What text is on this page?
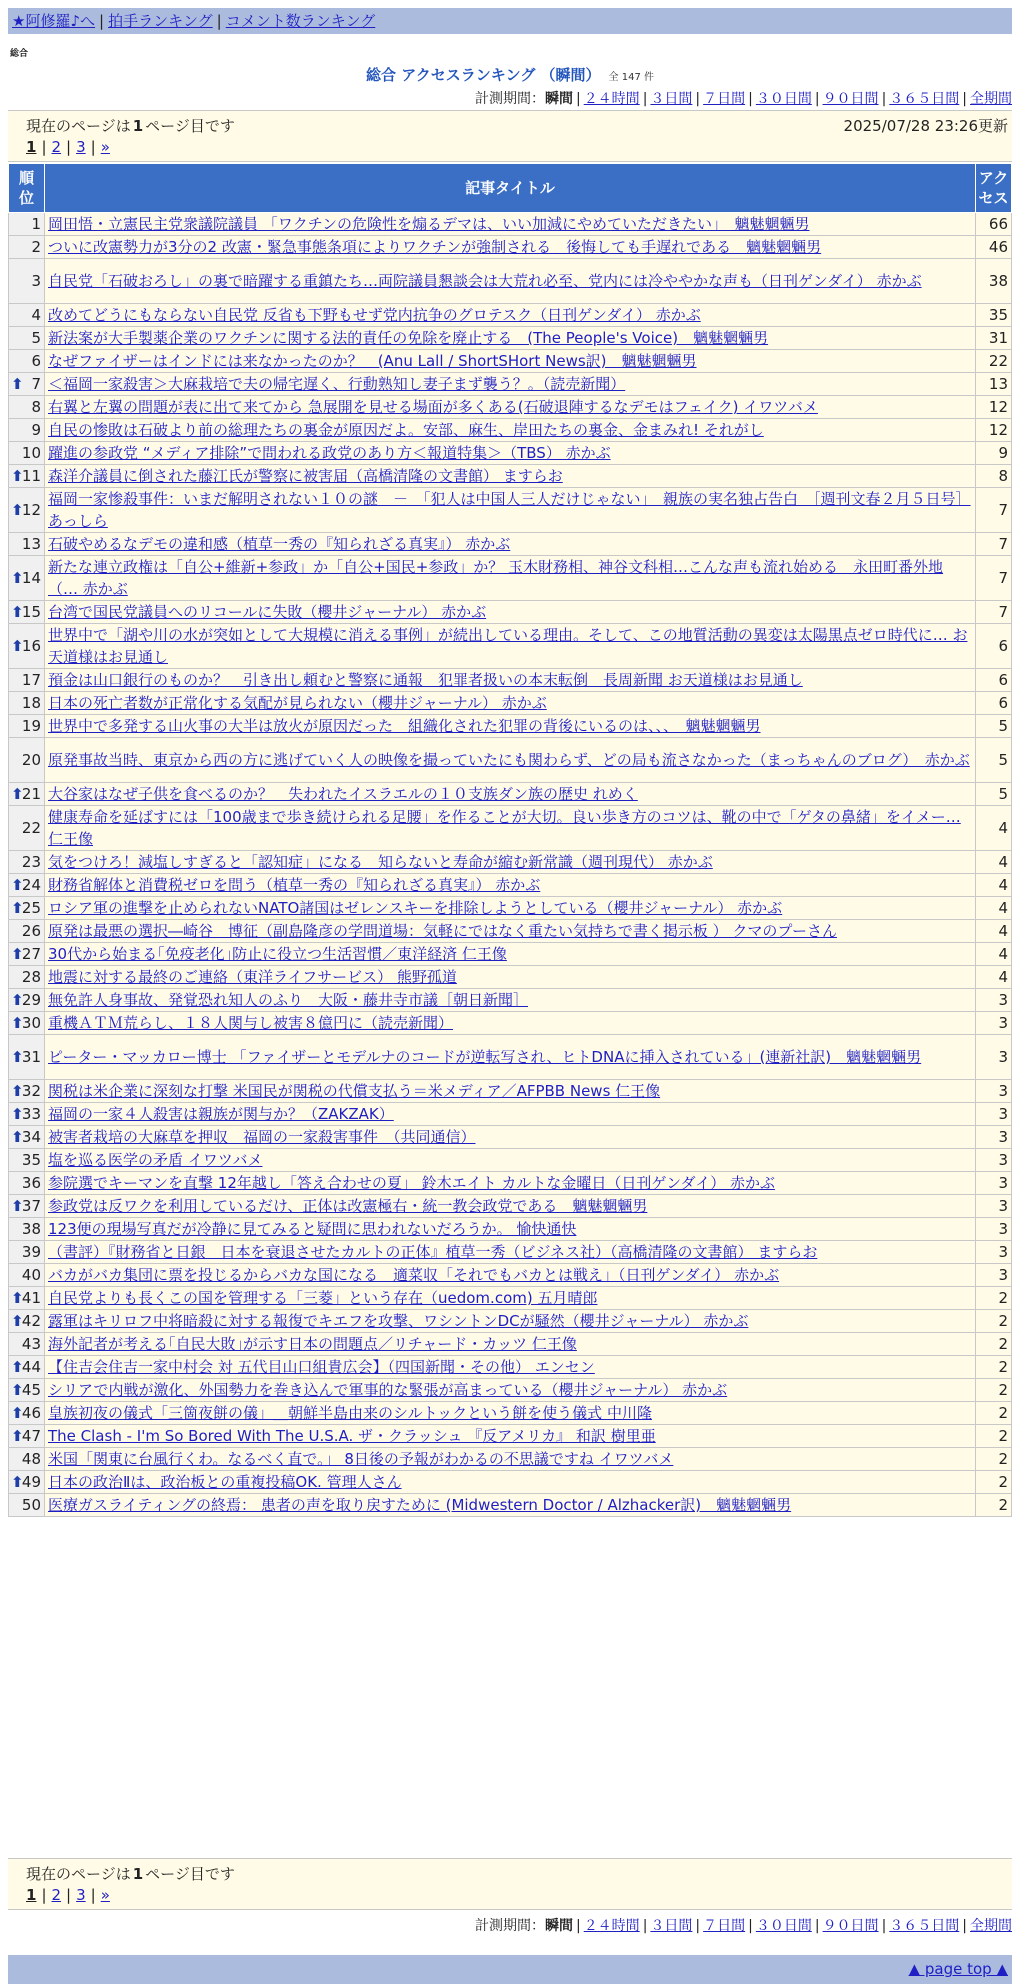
★阿修羅♪へ | 拍手ランキング | コメント数ランキング
総合
総合 アクセスランキング （瞬間） 全 147 件
計測期間：瞬間 | ２４時間 | ３日間 | ７日間 | ３０日間 | ９０日間 | ３６５日間 | 全期間
現在のページは 1 ページ目です	2025/07/28 23:26更新
1 | 2 | 3 | »
順位	記事タイトル	アクセス
1	岡田悟・立憲民主党衆議院議員 「ワクチンの危険性を煽るデマは、いい加減にやめていただきたい」　魑魅魍魎男	66
2	ついに改憲勢力が3分の2 改憲・緊急事態条項によりワクチンが強制される　後悔しても手遅れである　魑魅魍魎男	46
3	自民党「石破おろし」の裏で暗躍する重鎮たち…両院議員懇談会は大荒れ必至、党内には冷ややかな声も（日刊ゲンダイ） 赤かぶ	38
4	改めてどうにもならない自民党 反省も下野もせず党内抗争のグロテスク（日刊ゲンダイ） 赤かぶ	35
5	新法案が大手製薬企業のワクチンに関する法的責任の免除を廃止する　(The People's Voice)　魑魅魍魎男	31
6	なぜファイザーはインドには来なかったのか？　(Anu Lall / ShortSHort News訳)　魑魅魍魎男	22

⬆ 7	＜福岡一家殺害＞大麻栽培で夫の帰宅遅く、行動熟知し妻子まず襲う？。（読売新聞）	13
8	右翼と左翼の問題が表に出て来てから 急展開を見せる場面が多くある(石破退陣するなデモはフェイク) イワツバメ	12
9	自民の惨敗は石破より前の総理たちの裏金が原因だよ。安部、麻生、岸田たちの裏金、金まみれ! それがし	12
10	躍進の参政党 “メディア排除”で問われる政党のあり方＜報道特集＞（TBS） 赤かぶ	9

⬆
11	森洋介議員に倒された藤江氏が警察に被害届（高橋清隆の文書館） ますらお	8

⬆
12	福岡一家惨殺事件：いまだ解明されない１０の謎　－　「犯人は中国人三人だけじゃない」　親族の実名独占告白　［週刊文春２月５日号］ あっしら	7
13	石破やめるなデモの違和感（植草一秀の『知られざる真実』） 赤かぶ	7

⬆
14	新たな連立政権は「自公+維新+参政」か「自公+国民+参政」か？ 玉木財務相、神谷文科相…こんな声も流れ始める　永田町番外地（… 赤かぶ	7

⬆
15	台湾で国民党議員へのリコールに失敗（櫻井ジャーナル） 赤かぶ	7

⬆
16	世界中で「湖や川の水が突如として大規模に消える事例」が続出している理由。そして、この地質活動の異変は太陽黒点ゼロ時代に… お天道様はお見通し	6
17	預金は山口銀行のものか？　引き出し頼むと警察に通報　犯罪者扱いの本末転倒　長周新聞 お天道様はお見通し	6
18	日本の死亡者数が正常化する気配が見られない（櫻井ジャーナル） 赤かぶ	6
19	世界中で多発する山火事の大半は放火が原因だった　組織化された犯罪の背後にいるのは、、、　魑魅魍魎男	5
20	原発事故当時、東京から西の方に逃げていく人の映像を撮っていたにも関わらず、どの局も流さなかった（まっちゃんのブログ）　赤かぶ	5

⬆
21	大谷家はなぜ子供を食べるのか？　失われたイスラエルの１０支族ダン族の歴史 れめく	5
22	健康寿命を延ばすには「100歳まで歩き続けられる足腰」を作ることが大切。良い歩き方のコツは、靴の中で「ゲタの鼻緒」をイメー… 仁王像	4
23	気をつけろ！減塩しすぎると「認知症」になる　知らないと寿命が縮む新常識（週刊現代） 赤かぶ	4

⬆
24	財務省解体と消費税ゼロを問う（植草一秀の『知られざる真実』） 赤かぶ	4

⬆
25	ロシア軍の進撃を止められないNATO諸国はゼレンスキーを排除しようとしている（櫻井ジャーナル） 赤かぶ	4
26	原発は最悪の選択―崎谷　博征（副島隆彦の学問道場：気軽にではなく重たい気持ちで書く掲示板 ） クマのプーさん	4

⬆
27	30代から始まる｢免疫老化｣防止に役立つ生活習慣／東洋経済 仁王像	4
28	地震に対する最終のご連絡（東洋ライフサービス） 熊野孤道	4

⬆
29	無免許人身事故、発覚恐れ知人のふり　大阪・藤井寺市議［朝日新聞］	3

⬆
30	重機ＡＴＭ荒らし、１８人関与し被害８億円に（読売新聞）	3

⬆
31	ピーター・マッカロー博士 「ファイザーとモデルナのコードが逆転写され、ヒトDNAに挿入されている」(連新社訳)　魑魅魍魎男	3

⬆
32	関税は米企業に深刻な打撃 米国民が関税の代償支払う＝米メディア／AFPBB News 仁王像	3

⬆
33	福岡の一家４人殺害は親族が関与か？（ZAKZAK）	3

⬆
34	被害者栽培の大麻草を押収　福岡の一家殺害事件　（共同通信）	3
35	塩を巡る医学の矛盾 イワツバメ	3
36	参院選でキーマンを直撃 12年越し「答え合わせの夏」 鈴木エイト カルトな金曜日（日刊ゲンダイ） 赤かぶ	3

⬆
37	参政党は反ワクを利用しているだけ、正体は改憲極右・統一教会政党である　魑魅魍魎男	3
38	123便の現場写真だが冷静に見てみると疑問に思われないだろうか。 愉快通快	3
39	（書評）『財務省と日銀　日本を衰退させたカルトの正体』植草一秀（ビジネス社）（高橋清隆の文書館） ますらお	3
40	バカがバカ集団に票を投じるからバカな国になる　適菜収「それでもバカとは戦え」（日刊ゲンダイ） 赤かぶ	3

⬆
41	自民党よりも長くこの国を管理する「三菱」という存在（uedom.com) 五月晴郎	2

⬆
42	露軍はキリロフ中将暗殺に対する報復でキエフを攻撃、ワシントンDCが騒然（櫻井ジャーナル） 赤かぶ	2
43	海外記者が考える｢自民大敗｣が示す日本の問題点／リチャード・カッツ 仁王像	2

⬆
44	【住吉会住吉一家中村会 対 五代目山口組貴広会】（四国新聞・その他） エンセン	2

⬆
45	シリアで内戦が激化、外国勢力を巻き込んで軍事的な緊張が高まっている（櫻井ジャーナル） 赤かぶ	2

⬆
46	皇族初夜の儀式「三箇夜餅の儀」＿朝鮮半島由来のシルトックという餅を使う儀式 中川隆	2

⬆
47	The Clash - I'm So Bored With The U.S.A. ザ・クラッシュ 『反アメリカ』 和訳 樹里亜	2
48	米国「関東に台風行くわ。なるべく直で。」 8日後の予報がわかるの不思議ですね イワツバメ	2

⬆
49	日本の政治Ⅱは、政治板との重複投稿OK. 管理人さん	2
50	医療ガスライティングの終焉： 患者の声を取り戻すために (Midwestern Doctor / Alzhacker訳)　魑魅魍魎男	2
現在のページは 1 ページ目です
1 | 2 | 3 | »
計測期間：瞬間 | ２４時間 | ３日間 | ７日間 | ３０日間 | ９０日間 | ３６５日間 | 全期間
▲ page top ▲
